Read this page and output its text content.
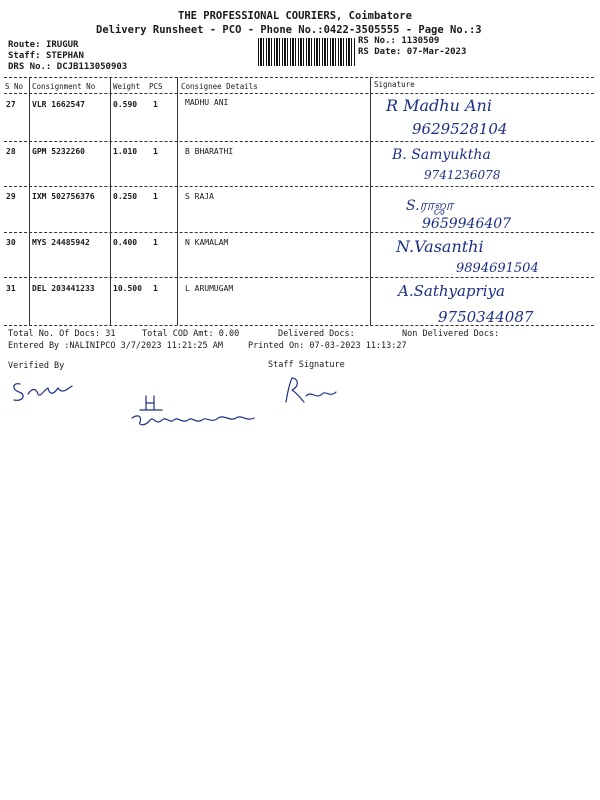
THE PROFESSIONAL COURIERS, Coimbatore
Delivery Runsheet - PCO - Phone No.:0422-3505555 - Page No.:3
Route: IRUGUR
Staff: STEPHAN
DRS No.: DCJB113050903
RS No.: 1130509
RS Date: 07-Mar-2023
S No Consignment No Weight PCS Consignee Details	Signature
27 VLR 1662547	0.590 1	MADHU ANI	R Madhu Ani
9629528104
28 GPM 5232260	1.010 1	B BHARATHI	B. Samyuktha
9741236078
29 IXM 502756376 0.250 1	S RAJA
S.ராஜா
9659946407
30 MYS 24485942	0.400 1	N KAMALAM	N.Vasanthi
9894691504
31 DEL 203441233 10.500 1	L ARUMUGAM	A.Sathyapriya
9750344087
Total No. Of Docs: 31	Total COD Amt: 0.00	Delivered Docs:	Non Delivered Docs:
Entered By :NALINIPCO 3/7/2023 11:21:25 AM	Printed On: 07-03-2023 11:13:27
Verified By	Staff Signature
